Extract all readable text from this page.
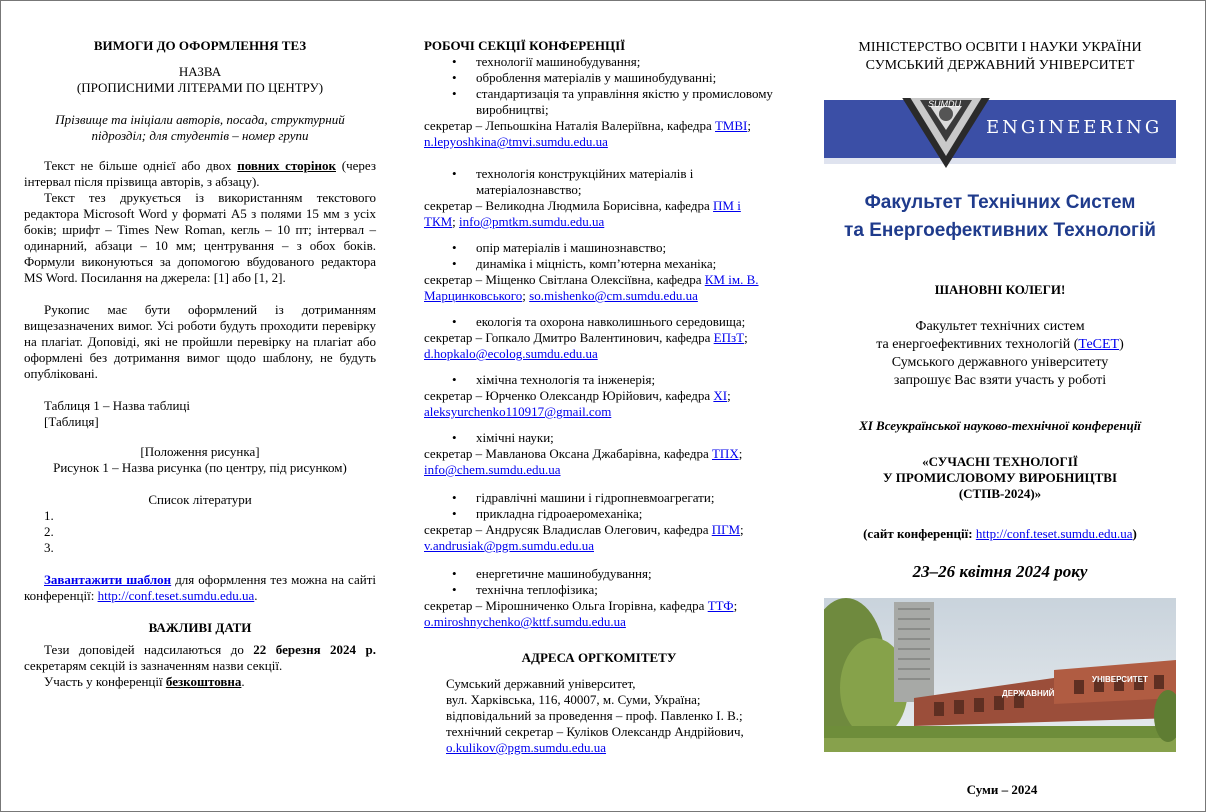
ВИМОГИ ДО ОФОРМЛЕННЯ ТЕЗ
НАЗВА
(ПРОПИСНИМИ ЛІТЕРАМИ ПО ЦЕНТРУ)
Прізвище та ініціали авторів, посада, структурний
підрозділ; для студентів – номер групи
Текст не більше однієї або двох повних сторінок (через інтервал після прізвища авторів, з абзацу).
Текст тез друкується із використанням текстового редактора Microsoft Word у форматі А5 з полями 15 мм з усіх боків; шрифт – Times New Roman, кегль – 10 пт; інтервал – одинарний, абзаци – 10 мм; центрування – з обох боків. Формули виконуються за допомогою вбудованого редактора MS Word. Посилання на джерела: [1] або [1, 2].
Рукопис має бути оформлений із дотриманням вищезазначених вимог. Усі роботи будуть проходити перевірку на плагіат. Доповіді, які не пройшли перевірку на плагіат або оформлені без дотримання вимог щодо шаблону, не будуть опубліковані.
Таблиця 1 – Назва таблиці
[Таблиця]
[Положення рисунка]
Рисунок 1 – Назва рисунка (по центру, під рисунком)
Список літератури
1.
2.
3.
Завантажити шаблон для оформлення тез можна на сайті конференції: http://conf.teset.sumdu.edu.ua.
ВАЖЛИВІ ДАТИ
Тези доповідей надсилаються до 22 березня 2024 р. секретарям секцій із зазначенням назви секції.
Участь у конференції безкоштовна.
РОБОЧІ СЕКЦІЇ КОНФЕРЕНЦІЇ
• технології машинобудування;
• оброблення матеріалів у машинобудуванні;
• стандартизація та управління якістю у промисловому виробництві;
секретар – Лепьошкіна Наталія Валеріївна, кафедра ТМВІ; n.lepyoshkina@tmvi.sumdu.edu.ua
• технологія конструкційних матеріалів і матеріалознавство;
секретар – Великодна Людмила Борисівна, кафедра ПМ і ТКМ; info@pmtkm.sumdu.edu.ua
• опір матеріалів і машинознавство;
• динаміка і міцність, комп’ютерна механіка;
секретар – Міщенко Світлана Олексіївна, кафедра КМ ім. В. Марцинковського; so.mishenko@cm.sumdu.edu.ua
• екологія та охорона навколишнього середовища;
секретар – Гопкало Дмитро Валентинович, кафедра ЕПзТ; d.hopkalo@ecolog.sumdu.edu.ua
• хімічна технологія та інженерія;
секретар – Юрченко Олександр Юрійович, кафедра ХІ;
aleksyurchenko110917@gmail.com
• хімічні науки;
секретар – Мавланова Оксана Джабарівна, кафедра ТПХ;
info@chem.sumdu.edu.ua
• гідравлічні машини і гідропневмоагрегати;
• прикладна гідроаеромеханіка;
секретар – Андрусяк Владислав Олегович, кафедра ПГМ;
v.andrusiak@pgm.sumdu.edu.ua
• енергетичне машинобудування;
• технічна теплофізика;
секретар – Мірошниченко Ольга Ігорівна, кафедра ТТФ;
o.miroshnychenko@kttf.sumdu.edu.ua
АДРЕСА ОРГКОМІТЕТУ
Сумський державний університет,
вул. Харківська, 116, 40007, м. Суми, Україна;
відповідальний за проведення – проф. Павленко І. В.;
технічний секретар – Куліков Олександр Андрійович,
o.kulikov@pgm.sumdu.edu.ua
МІНІСТЕРСТВО ОСВІТИ І НАУКИ УКРАЇНИ
СУМСЬКИЙ ДЕРЖАВНИЙ УНІВЕРСИТЕТ
ENGINEERING
SUMDU
Факультет Технічних Систем
та Енергоефективних Технологій
ШАНОВНІ КОЛЕГИ!
Факультет технічних систем
та енергоефективних технологій (ТеСЕТ)
Сумського державного університету
запрошує Вас взяти участь у роботі
XI Всеукраїнської науково-технічної конференції
«СУЧАСНІ ТЕХНОЛОГІЇ
У ПРОМИСЛОВОМУ ВИРОБНИЦТВІ
(СТПВ-2024)»
(сайт конференції: http://conf.teset.sumdu.edu.ua)
23–26 квітня 2024 року
ДЕРЖАВНИЙ
УНІВЕРСИТЕТ
Суми – 2024
